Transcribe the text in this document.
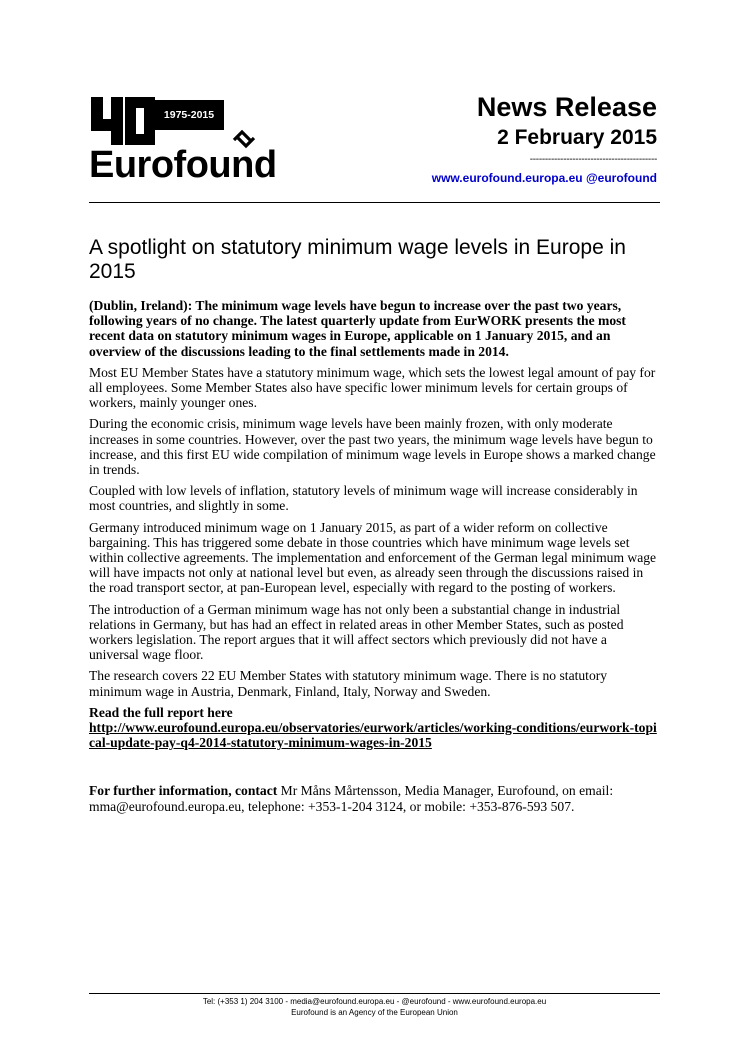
1975-2015
Eurofound
News Release
2 February 2015
------------------------------------------
www.eurofound.europa.eu @eurofound
A spotlight on statutory minimum wage levels in Europe in 2015

(Dublin, Ireland): The minimum wage levels have begun to increase over the past two years, following years of no change. The latest quarterly update from EurWORK presents the most recent data on statutory minimum wages in Europe, applicable on 1 January 2015, and an overview of the discussions leading to the final settlements made in 2014.

Most EU Member States have a statutory minimum wage, which sets the lowest legal amount of pay for all employees. Some Member States also have specific lower minimum levels for certain groups of workers, mainly younger ones.

During the economic crisis, minimum wage levels have been mainly frozen, with only moderate increases in some countries. However, over the past two years, the minimum wage levels have begun to increase, and this first EU wide compilation of minimum wage levels in Europe shows a marked change in trends.

Coupled with low levels of inflation, statutory levels of minimum wage will increase considerably in most countries, and slightly in some.

Germany introduced minimum wage on 1 January 2015, as part of a wider reform on collective bargaining. This has triggered some debate in those countries which have minimum wage levels set within collective agreements. The implementation and enforcement of the German legal minimum wage will have impacts not only at national level but even, as already seen through the discussions raised in the road transport sector, at pan-European level, especially with regard to the posting of workers.

The introduction of a German minimum wage has not only been a substantial change in industrial relations in Germany, but has had an effect in related areas in other Member States, such as posted workers legislation. The report argues that it will affect sectors which previously did not have a universal wage floor.

The research covers 22 EU Member States with statutory minimum wage. There is no statutory minimum wage in Austria, Denmark, Finland, Italy, Norway and Sweden.

Read the full report here

http://www.eurofound.europa.eu/observatories/eurwork/articles/working-conditions/eurwork-topical-update-pay-q4-2014-statutory-minimum-wages-in-2015

For further information, contact Mr Måns Mårtensson, Media Manager, Eurofound, on email: mma@eurofound.europa.eu, telephone: +353-1-204 3124, or mobile: +353-876-593 507.

Tel: (+353 1) 204 3100 - media@eurofound.europa.eu - @eurofound - www.eurofound.europa.eu
Eurofound is an Agency of the European Union
